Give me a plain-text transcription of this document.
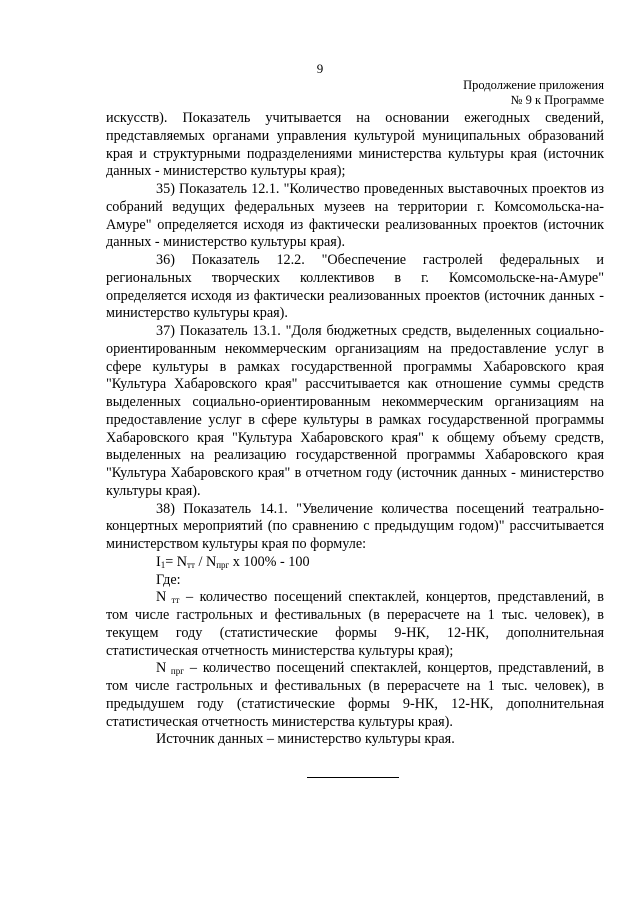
9
Продолжение приложения
№ 9 к Программе

искусств). Показатель учитывается на основании ежегодных сведений, представляемых органами управления культурой муниципальных образований края и структурными подразделениями министерства культуры края (источник данных - министерство культуры края);

35) Показатель 12.1. "Количество проведенных выставочных проектов из собраний ведущих федеральных музеев на территории г. Комсомольска-на-Амуре" определяется исходя из фактически реализованных проектов (источник данных - министерство культуры края).

36) Показатель 12.2. "Обеспечение гастролей федеральных и региональных творческих коллективов в г. Комсомольске-на-Амуре" определяется исходя из фактически реализованных проектов (источник данных - министерство культуры края).

37) Показатель 13.1. "Доля бюджетных средств, выделенных социально-ориентированным некоммерческим организациям на предоставление услуг в сфере культуры в рамках государственной программы Хабаровского края "Культура Хабаровского края" рассчитывается как отношение суммы средств выделенных социально-ориентированным некоммерческим организациям на предоставление услуг в сфере культуры в рамках государственной программы Хабаровского края "Культура Хабаровского края" к общему объему средств, выделенных на реализацию государственной программы Хабаровского края "Культура Хабаровского края" в отчетном году (источник данных - министерство культуры края).

38) Показатель 14.1. "Увеличение количества посещений театрально-концертных мероприятий (по сравнению с предыдущим годом)" рассчитывается министерством культуры края по формуле:

$I_1= N_{тт} / N_{прг}$ x 100% - 100

Где:

N $_{тт}$ – количество посещений спектаклей, концертов, представлений, в том числе гастрольных и фестивальных (в перерасчете на 1 тыс. человек), в текущем году (статистические формы 9-НК, 12-НК, дополнительная статистическая отчетность министерства культуры края);

N $_{прг}$ – количество посещений спектаклей, концертов, представлений, в том числе гастрольных и фестивальных (в перерасчете на 1 тыс. человек), в предыдушем году (статистические формы 9-НК, 12-НК, дополнительная статистическая отчетность министерства культуры края).

Источник данных – министерство культуры края.
